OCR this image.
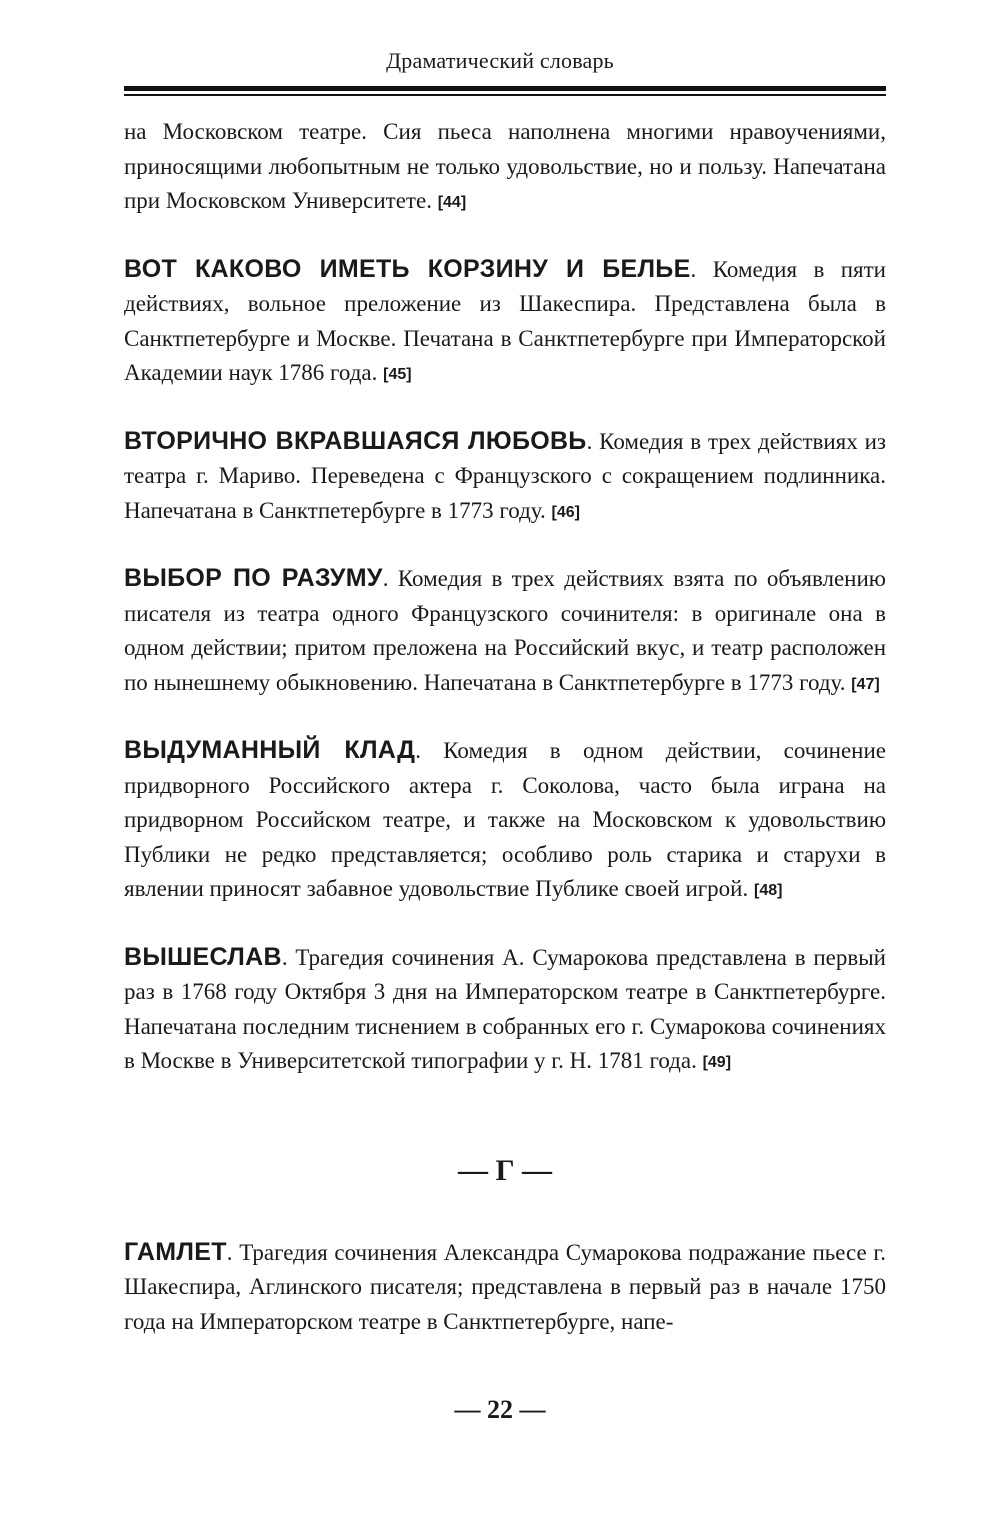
Драматический словарь

на Московском театре. Сия пьеса наполнена многими нравоучениями, приносящими любопытным не только удовольствие, но и пользу. Напечатана при Московском Университете. [44]

ВОТ КАКОВО ИМЕТЬ КОРЗИНУ И БЕЛЬЕ. Комедия в пяти действиях, вольное преложение из Шакеспира. Представлена была в Санктпетербурге и Москве. Печатана в Санктпетербурге при Императорской Академии наук 1786 года. [45]

ВТОРИЧНО ВКРАВШАЯСЯ ЛЮБОВЬ. Комедия в трех действиях из театра г. Мариво. Переведена с Французского с сокращением подлинника. Напечатана в Санктпетербурге в 1773 году. [46]

ВЫБОР ПО РАЗУМУ. Комедия в трех действиях взята по объявлению писателя из театра одного Французского сочинителя: в оригинале она в одном действии; притом преложена на Российский вкус, и театр расположен по нынешнему обыкновению. Напечатана в Санктпетербурге в 1773 году. [47]

ВЫДУМАННЫЙ КЛАД. Комедия в одном действии, сочинение придворного Российского актера г. Соколова, часто была играна на придворном Российском театре, и также на Московском к удовольствию Публики не редко представляется; особливо роль старика и старухи в явлении приносят забавное удовольствие Публике своей игрой. [48]

ВЫШЕСЛАВ. Трагедия сочинения А. Сумарокова представлена в первый раз в 1768 году Октября 3 дня на Императорском театре в Санктпетербурге. Напечатана последним тиснением в собранных его г. Сумарокова сочинениях в Москве в Университетской типографии у г. Н. 1781 года. [49]

— Г —

ГАМЛЕТ. Трагедия сочинения Александра Сумарокова подражание пьесе г. Шакеспира, Аглинского писателя; представлена в первый раз в начале 1750 года на Императорском театре в Санктпетербурге, напе-

— 22 —
